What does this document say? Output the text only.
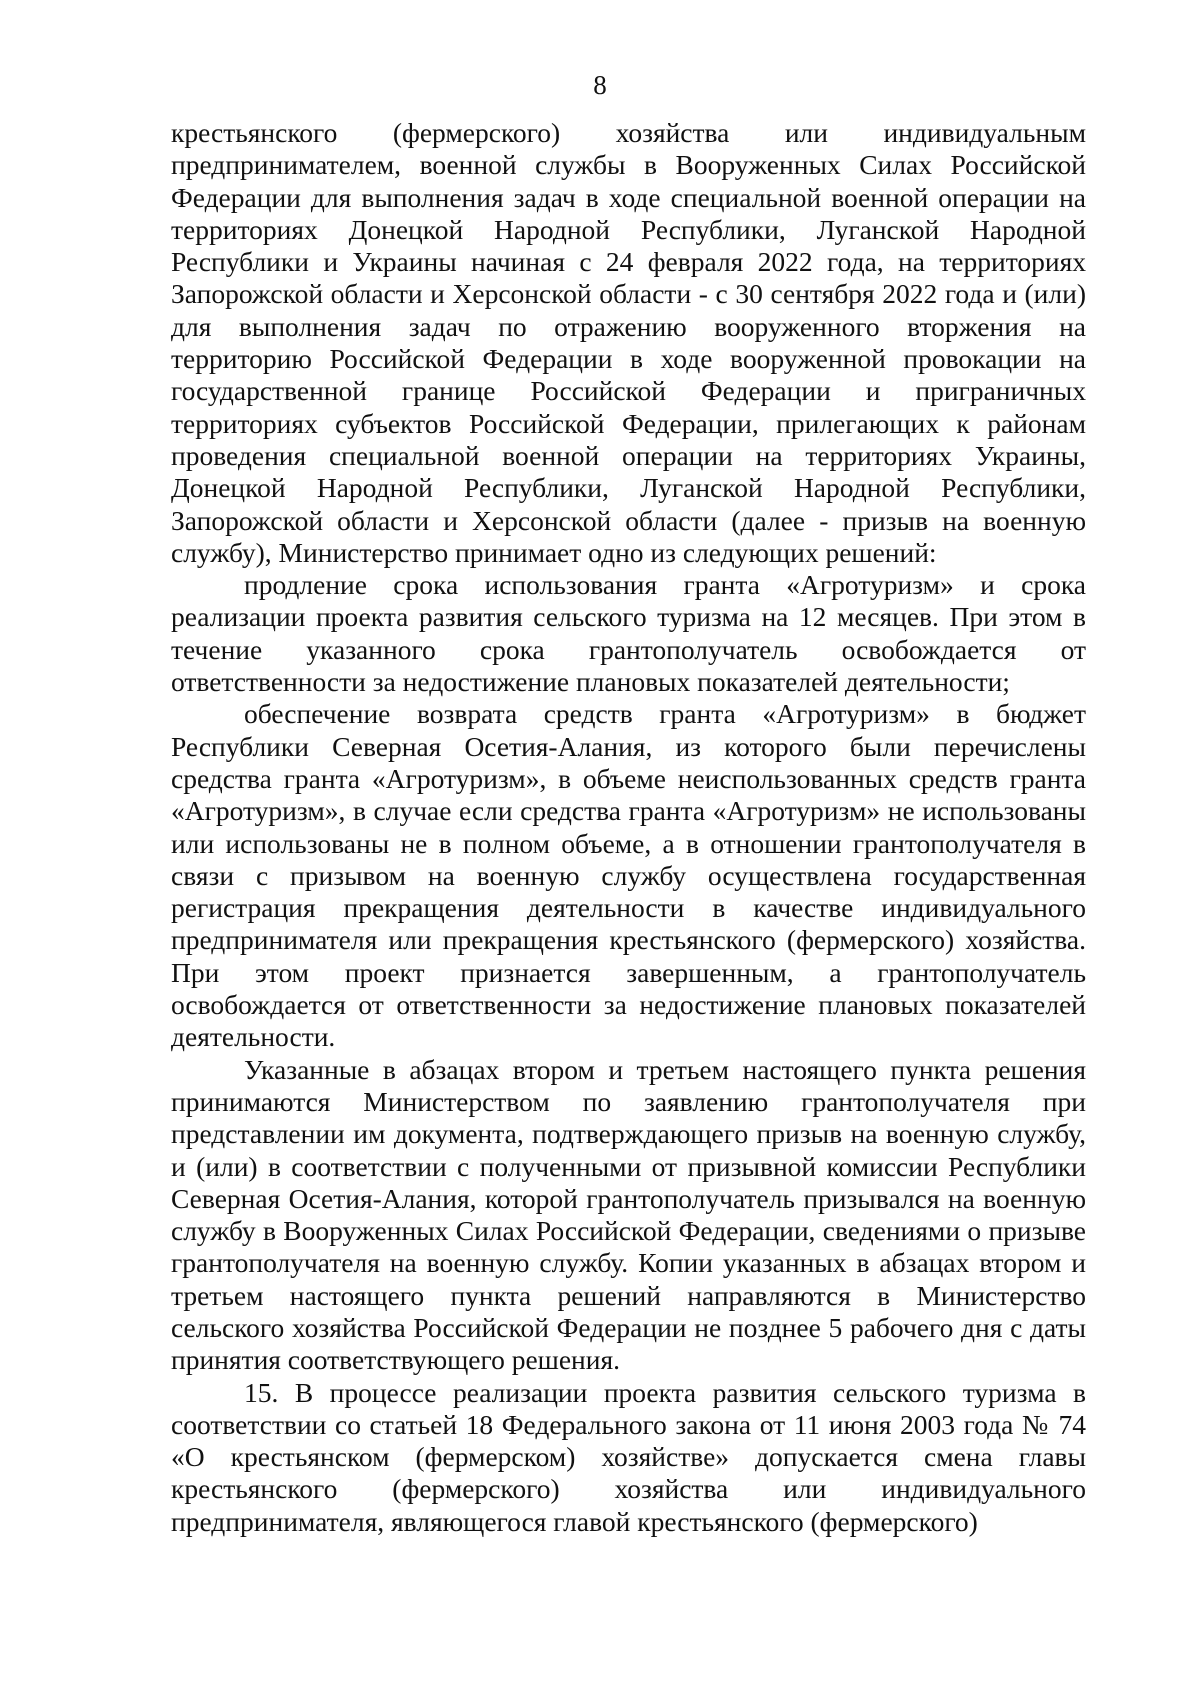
8

крестьянского (фермерского) хозяйства или индивидуальным предпринимателем, военной службы в Вооруженных Силах Российской Федерации для выполнения задач в ходе специальной военной операции на территориях Донецкой Народной Республики, Луганской Народной Республики и Украины начиная с 24 февраля 2022 года, на территориях Запорожской области и Херсонской области - с 30 сентября 2022 года и (или) для выполнения задач по отражению вооруженного вторжения на территорию Российской Федерации в ходе вооруженной провокации на государственной границе Российской Федерации и приграничных территориях субъектов Российской Федерации, прилегающих к районам проведения специальной военной операции на территориях Украины, Донецкой Народной Республики, Луганской Народной Республики, Запорожской области и Херсонской области (далее - призыв на военную службу), Министерство принимает одно из следующих решений:

продление срока использования гранта «Агротуризм» и срока реализации проекта развития сельского туризма на 12 месяцев. При этом в течение указанного срока грантополучатель освобождается от ответственности за недостижение плановых показателей деятельности;

обеспечение возврата средств гранта «Агротуризм» в бюджет Республики Северная Осетия-Алания, из которого были перечислены средства гранта «Агротуризм», в объеме неиспользованных средств гранта «Агротуризм», в случае если средства гранта «Агротуризм» не использованы или использованы не в полном объеме, а в отношении грантополучателя в связи с призывом на военную службу осуществлена государственная регистрация прекращения деятельности в качестве индивидуального предпринимателя или прекращения крестьянского (фермерского) хозяйства. При этом проект признается завершенным, а грантополучатель освобождается от ответственности за недостижение плановых показателей деятельности.

Указанные в абзацах втором и третьем настоящего пункта решения принимаются Министерством по заявлению грантополучателя при представлении им документа, подтверждающего призыв на военную службу, и (или) в соответствии с полученными от призывной комиссии Республики Северная Осетия-Алания, которой грантополучатель призывался на военную службу в Вооруженных Силах Российской Федерации, сведениями о призыве грантополучателя на военную службу. Копии указанных в абзацах втором и третьем настоящего пункта решений направляются в Министерство сельского хозяйства Российской Федерации не позднее 5 рабочего дня с даты принятия соответствующего решения.

15. В процессе реализации проекта развития сельского туризма в соответствии со статьей 18 Федерального закона от 11 июня 2003 года № 74 «О крестьянском (фермерском) хозяйстве» допускается смена главы крестьянского (фермерского) хозяйства или индивидуального предпринимателя, являющегося главой крестьянского (фермерского)
